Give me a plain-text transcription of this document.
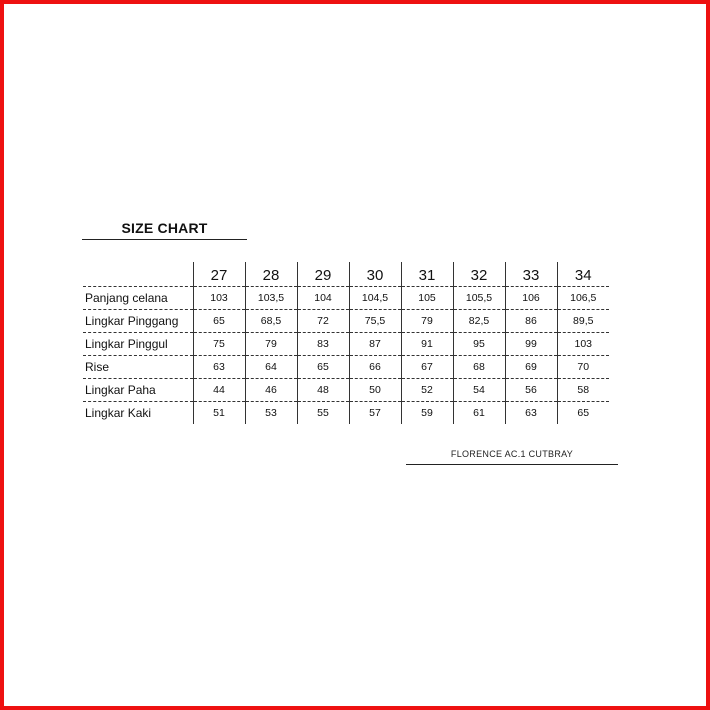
SIZE CHART
	27	28	29	30	31	32	33	34
Panjang celana	103	103,5	104	104,5	105	105,5	106	106,5
Lingkar Pinggang	65	68,5	72	75,5	79	82,5	86	89,5
Lingkar Pinggul	75	79	83	87	91	95	99	103
Rise	63	64	65	66	67	68	69	70
Lingkar Paha	44	46	48	50	52	54	56	58
Lingkar Kaki	51	53	55	57	59	61	63	65
FLORENCE AC.1 CUTBRAY
